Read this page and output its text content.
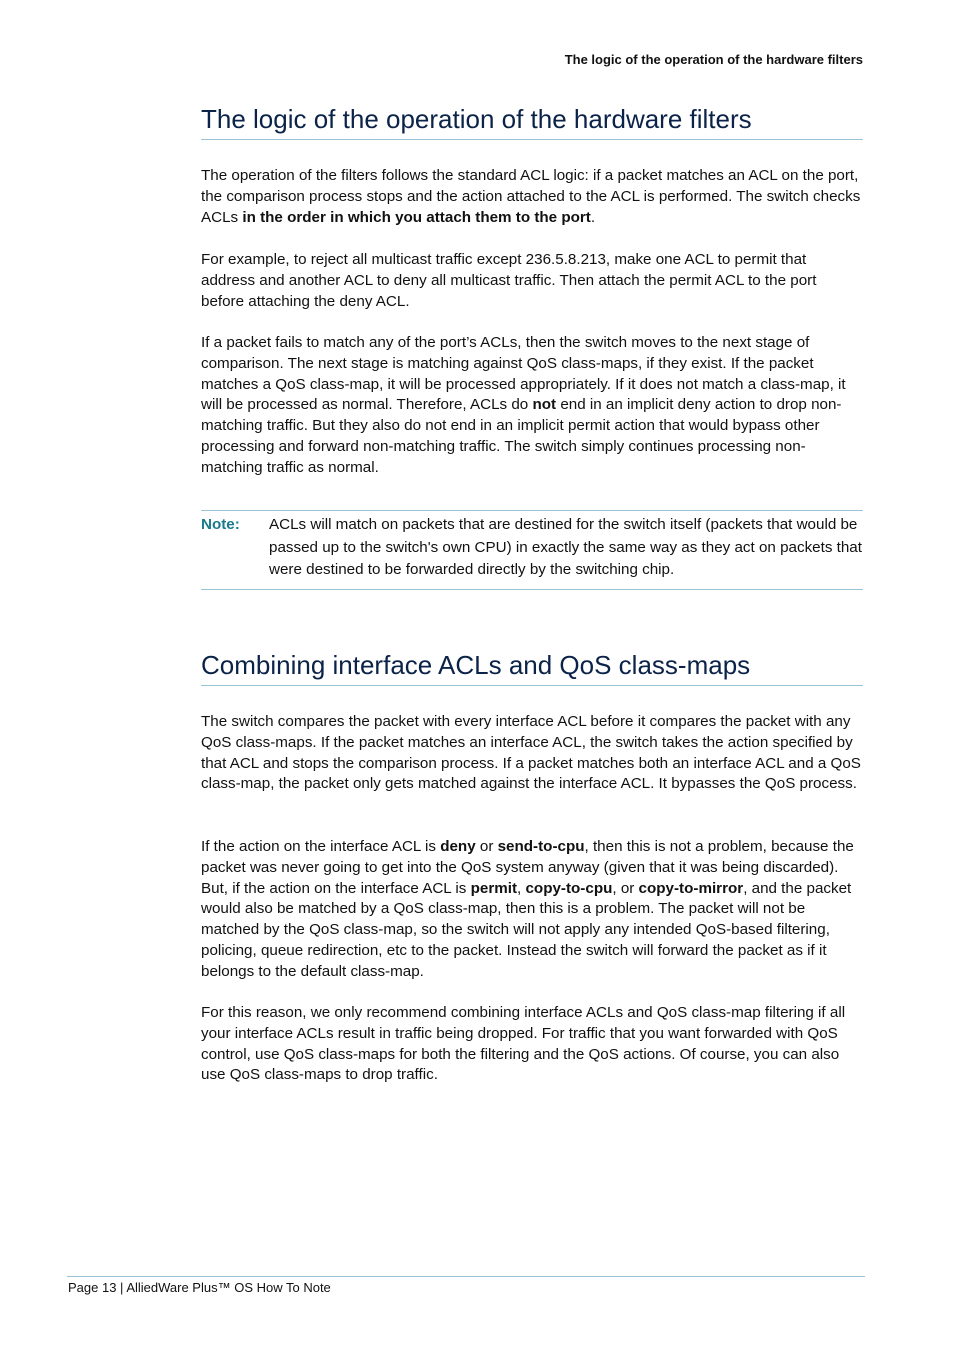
The logic of the operation of the hardware filters
The logic of the operation of the hardware filters

The operation of the filters follows the standard ACL logic: if a packet matches an ACL on the port, the comparison process stops and the action attached to the ACL is performed. The switch checks ACLs in the order in which you attach them to the port.

For example, to reject all multicast traffic except 236.5.8.213, make one ACL to permit that address and another ACL to deny all multicast traffic. Then attach the permit ACL to the port before attaching the deny ACL.

If a packet fails to match any of the port’s ACLs, then the switch moves to the next stage of comparison. The next stage is matching against QoS class-maps, if they exist. If the packet matches a QoS class-map, it will be processed appropriately. If it does not match a class-map, it will be processed as normal. Therefore, ACLs do not end in an implicit deny action to drop non-matching traffic. But they also do not end in an implicit permit action that would bypass other processing and forward non-matching traffic. The switch simply continues processing non-matching traffic as normal.

Note:	ACLs will match on packets that are destined for the switch itself (packets that would be passed up to the switch's own CPU) in exactly the same way as they act on packets that were destined to be forwarded directly by the switching chip.
Combining interface ACLs and QoS class-maps

The switch compares the packet with every interface ACL before it compares the packet with any QoS class-maps. If the packet matches an interface ACL, the switch takes the action specified by that ACL and stops the comparison process. If a packet matches both an interface ACL and a QoS class-map, the packet only gets matched against the interface ACL. It bypasses the QoS process.

If the action on the interface ACL is deny or send-to-cpu, then this is not a problem, because the packet was never going to get into the QoS system anyway (given that it was being discarded). But, if the action on the interface ACL is permit, copy-to-cpu, or copy-to-mirror, and the packet would also be matched by a QoS class-map, then this is a problem. The packet will not be matched by the QoS class-map, so the switch will not apply any intended QoS-based filtering, policing, queue redirection, etc to the packet. Instead the switch will forward the packet as if it belongs to the default class-map.

For this reason, we only recommend combining interface ACLs and QoS class-map filtering if all your interface ACLs result in traffic being dropped. For traffic that you want forwarded with QoS control, use QoS class-maps for both the filtering and the QoS actions. Of course, you can also use QoS class-maps to drop traffic.

Page 13 | AlliedWare Plus™ OS How To Note
